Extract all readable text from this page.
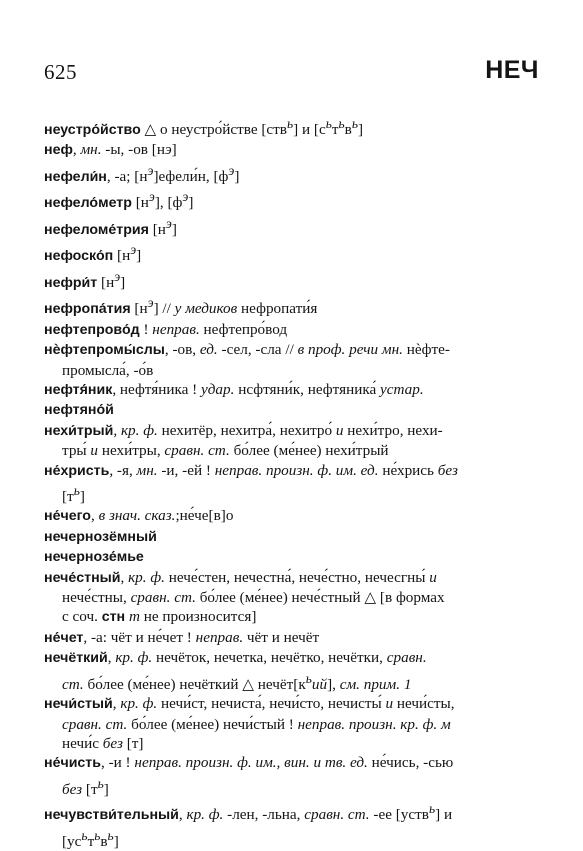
625	НЕЧ

неустро́йство △ о неустро́йстве [ств$^ь$] и $[с^ьт^ьв^ь]$

неф, мн. -ы, -ов [нэ]

нефели́н, -а; $[н^э]ефели́н$, $[ф^э]$

нефело́метр $[н^э]$, $[ф^э]$

нефеломе́трия $[н^э]$

нефоско́п $[н^э]$

нефри́т $[н^э]$

нефропа́тия $[н^э]$ // у медиков нефропати́я

нефтепрово́д ! неправ. нефтепро́вод

нѐфтепромы́слы, -ов, ед. -сел, -сла // в проф. речи мн. нѐфте-
промысла́, -о́в

нефтя́ник, нефтя́ника ! удар. нсфтяни́к, нефтяника́ устар.

нефтяно́й

нехи́трый, кр. ф. нехитёр, нехитра́, нехитро́ и нехи́тро, нехи-
тры́ и нехи́тры, сравн. ст. бо́лее (ме́нее) нехи́трый

не́христь, -я, мн. -и, -ей ! неправ. произн. ф. им. ед. не́хрись без
$[т^ь]$

не́чего, в знач. сказ.;не́че[в]о

нечернозёмный

нечернозе́мье

нече́стный, кр. ф. нече́стен, нечестна́, нече́стно, нечесгны́ и
нече́стны, сравн. ст. бо́лее (ме́нее) нече́стный △ [в формах
с соч. стн т не произносится]

не́чет, -а: чёт и не́чет ! неправ. чёт и нечёт

нечёткий, кр. ф. нечёток, нечетка, нечётко, нечётки, сравн.
ст. бо́лее (ме́нее) нечёткий △ $нечёт[к^ьий]$, см. прим. 1

нечи́стый, кр. ф. нечи́ст, нечиста́, нечи́сто, нечисты́ и нечи́сты,
сравн. ст. бо́лее (ме́нее) нечи́стый ! неправ. произн. кр. ф. м
нечи́с без [т]

не́чисть, -и ! неправ. произн. ф. им., вин. и тв. ед. не́чись, -сью
без $[т^ь]$

нечувстви́тельный, кр. ф. -лен, -льна, сравн. ст. -ее [уств$^ь$] и
$[ус^ьт^ьв^ь]$
